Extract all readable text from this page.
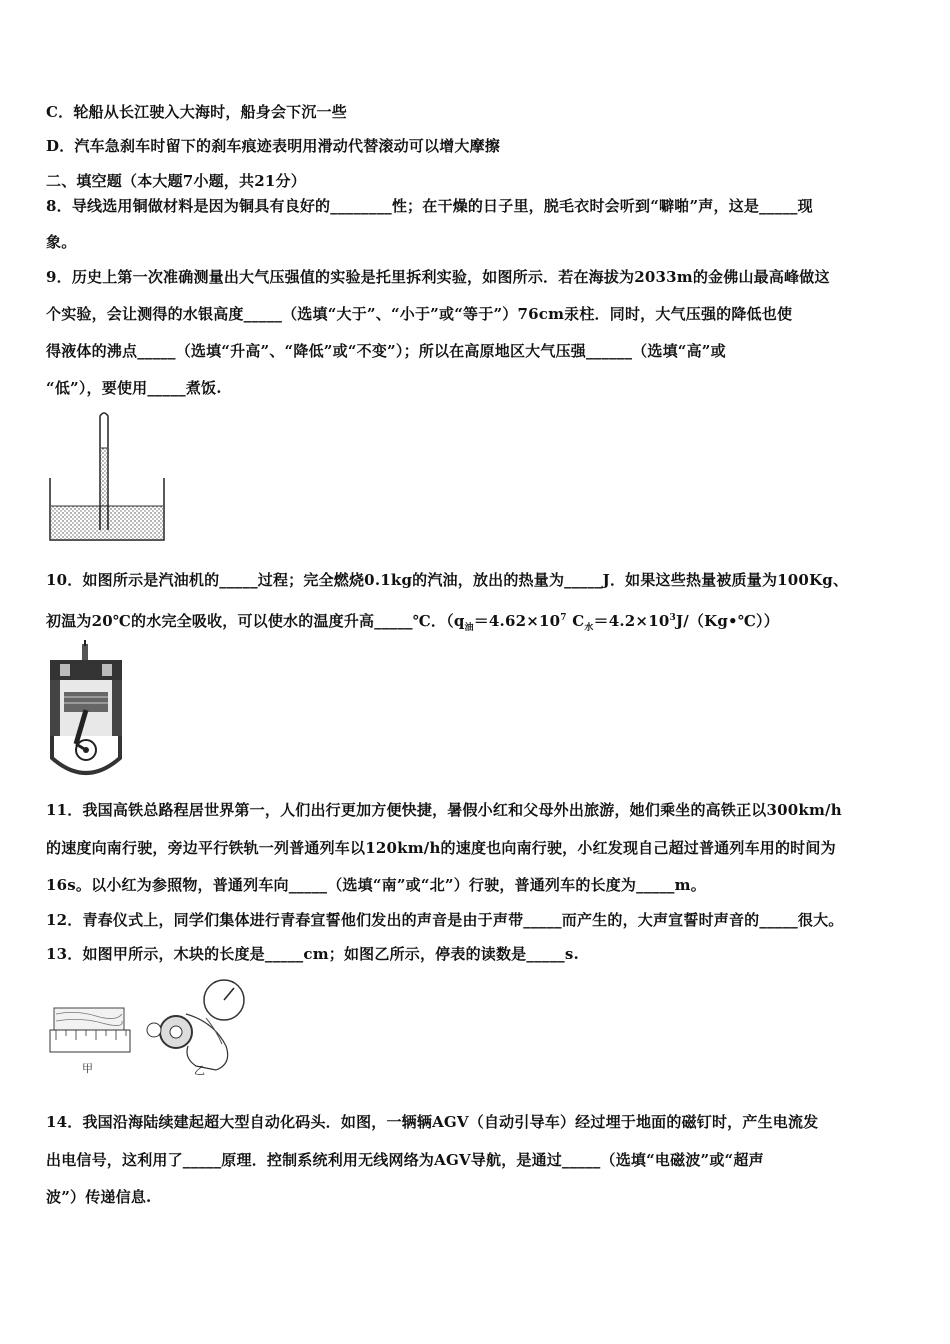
C．轮船从长江驶入大海时，船身会下沉一些
D．汽车急刹车时留下的刹车痕迹表明用滑动代替滚动可以增大摩擦
二、填空题（本大题7小题，共21分）
8．导线选用铜做材料是因为铜具有良好的________性；在干燥的日子里，脱毛衣时会听到“噼啪”声，这是_____现
象。
9．历史上第一次准确测量出大气压强值的实验是托里拆利实验，如图所示．若在海拔为2033m的金佛山最高峰做这
个实验，会让测得的水银高度_____（选填“大于”、“小于”或“等于”）76cm汞柱．同时，大气压强的降低也使
得液体的沸点_____（选填“升高”、“降低”或“不变”）；所以在高原地区大气压强______（选填“高”或
“低”），要使用_____煮饭.
10．如图所示是汽油机的_____过程；完全燃烧0.1kg的汽油，放出的热量为_____J．如果这些热量被质量为100Kg、
初温为20℃的水完全吸收，可以使水的温度升高_____℃．（$q_油=4.62\times 10^7$ $C_水=4.2\times 10^3J/(Kg•℃)$）
11．我国高铁总路程居世界第一，人们出行更加方便快捷，暑假小红和父母外出旅游，她们乘坐的高铁正以300km/h
的速度向南行驶，旁边平行铁轨一列普通列车以120km/h的速度也向南行驶，小红发现自己超过普通列车用的时间为
16s。以小红为参照物，普通列车向_____（选填“南”或“北”）行驶，普通列车的长度为_____m。
12．青春仪式上，同学们集体进行青春宣誓他们发出的声音是由于声带_____而产生的，大声宣誓时声音的_____很大。
13．如图甲所示，木块的长度是_____cm；如图乙所示，停表的读数是_____s.
甲	乙
14．我国沿海陆续建起超大型自动化码头．如图，一辆辆AGV（自动引导车）经过埋于地面的磁钉时，产生电流发
出电信号，这利用了_____原理．控制系统利用无线网络为AGV导航，是通过_____（选填“电磁波”或“超声
波”）传递信息.
